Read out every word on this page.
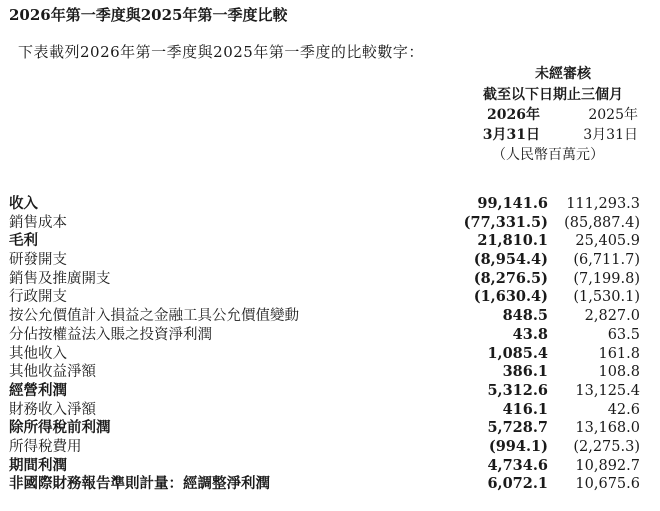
2026年第一季度與2025年第一季度比較
下表載列2026年第一季度與2025年第一季度的比較數字：
未經審核
截至以下日期止三個月
2026年	2025年
3月31日	3月31日
（人民幣百萬元）
收入	99,141.6 111,293.3
銷售成本	(77,331.5) (85,887.4)
毛利	21,810.1 25,405.9
研發開支	(8,954.4) (6,711.7)
銷售及推廣開支	(8,276.5) (7,199.8)
行政開支	(1,630.4) (1,530.1)
按公允價值計入損益之金融工具公允價值變動	848.5	2,827.0
分佔按權益法入賬之投資淨利潤	43.8	63.5
其他收入	1,085.4	161.8
其他收益淨額	386.1	108.8
經營利潤	5,312.6 13,125.4
財務收入淨額	416.1	42.6
除所得稅前利潤	5,728.7 13,168.0
所得稅費用	(994.1) (2,275.3)
期間利潤	4,734.6 10,892.7
非國際財務報告準則計量：經調整淨利潤	6,072.1 10,675.6
